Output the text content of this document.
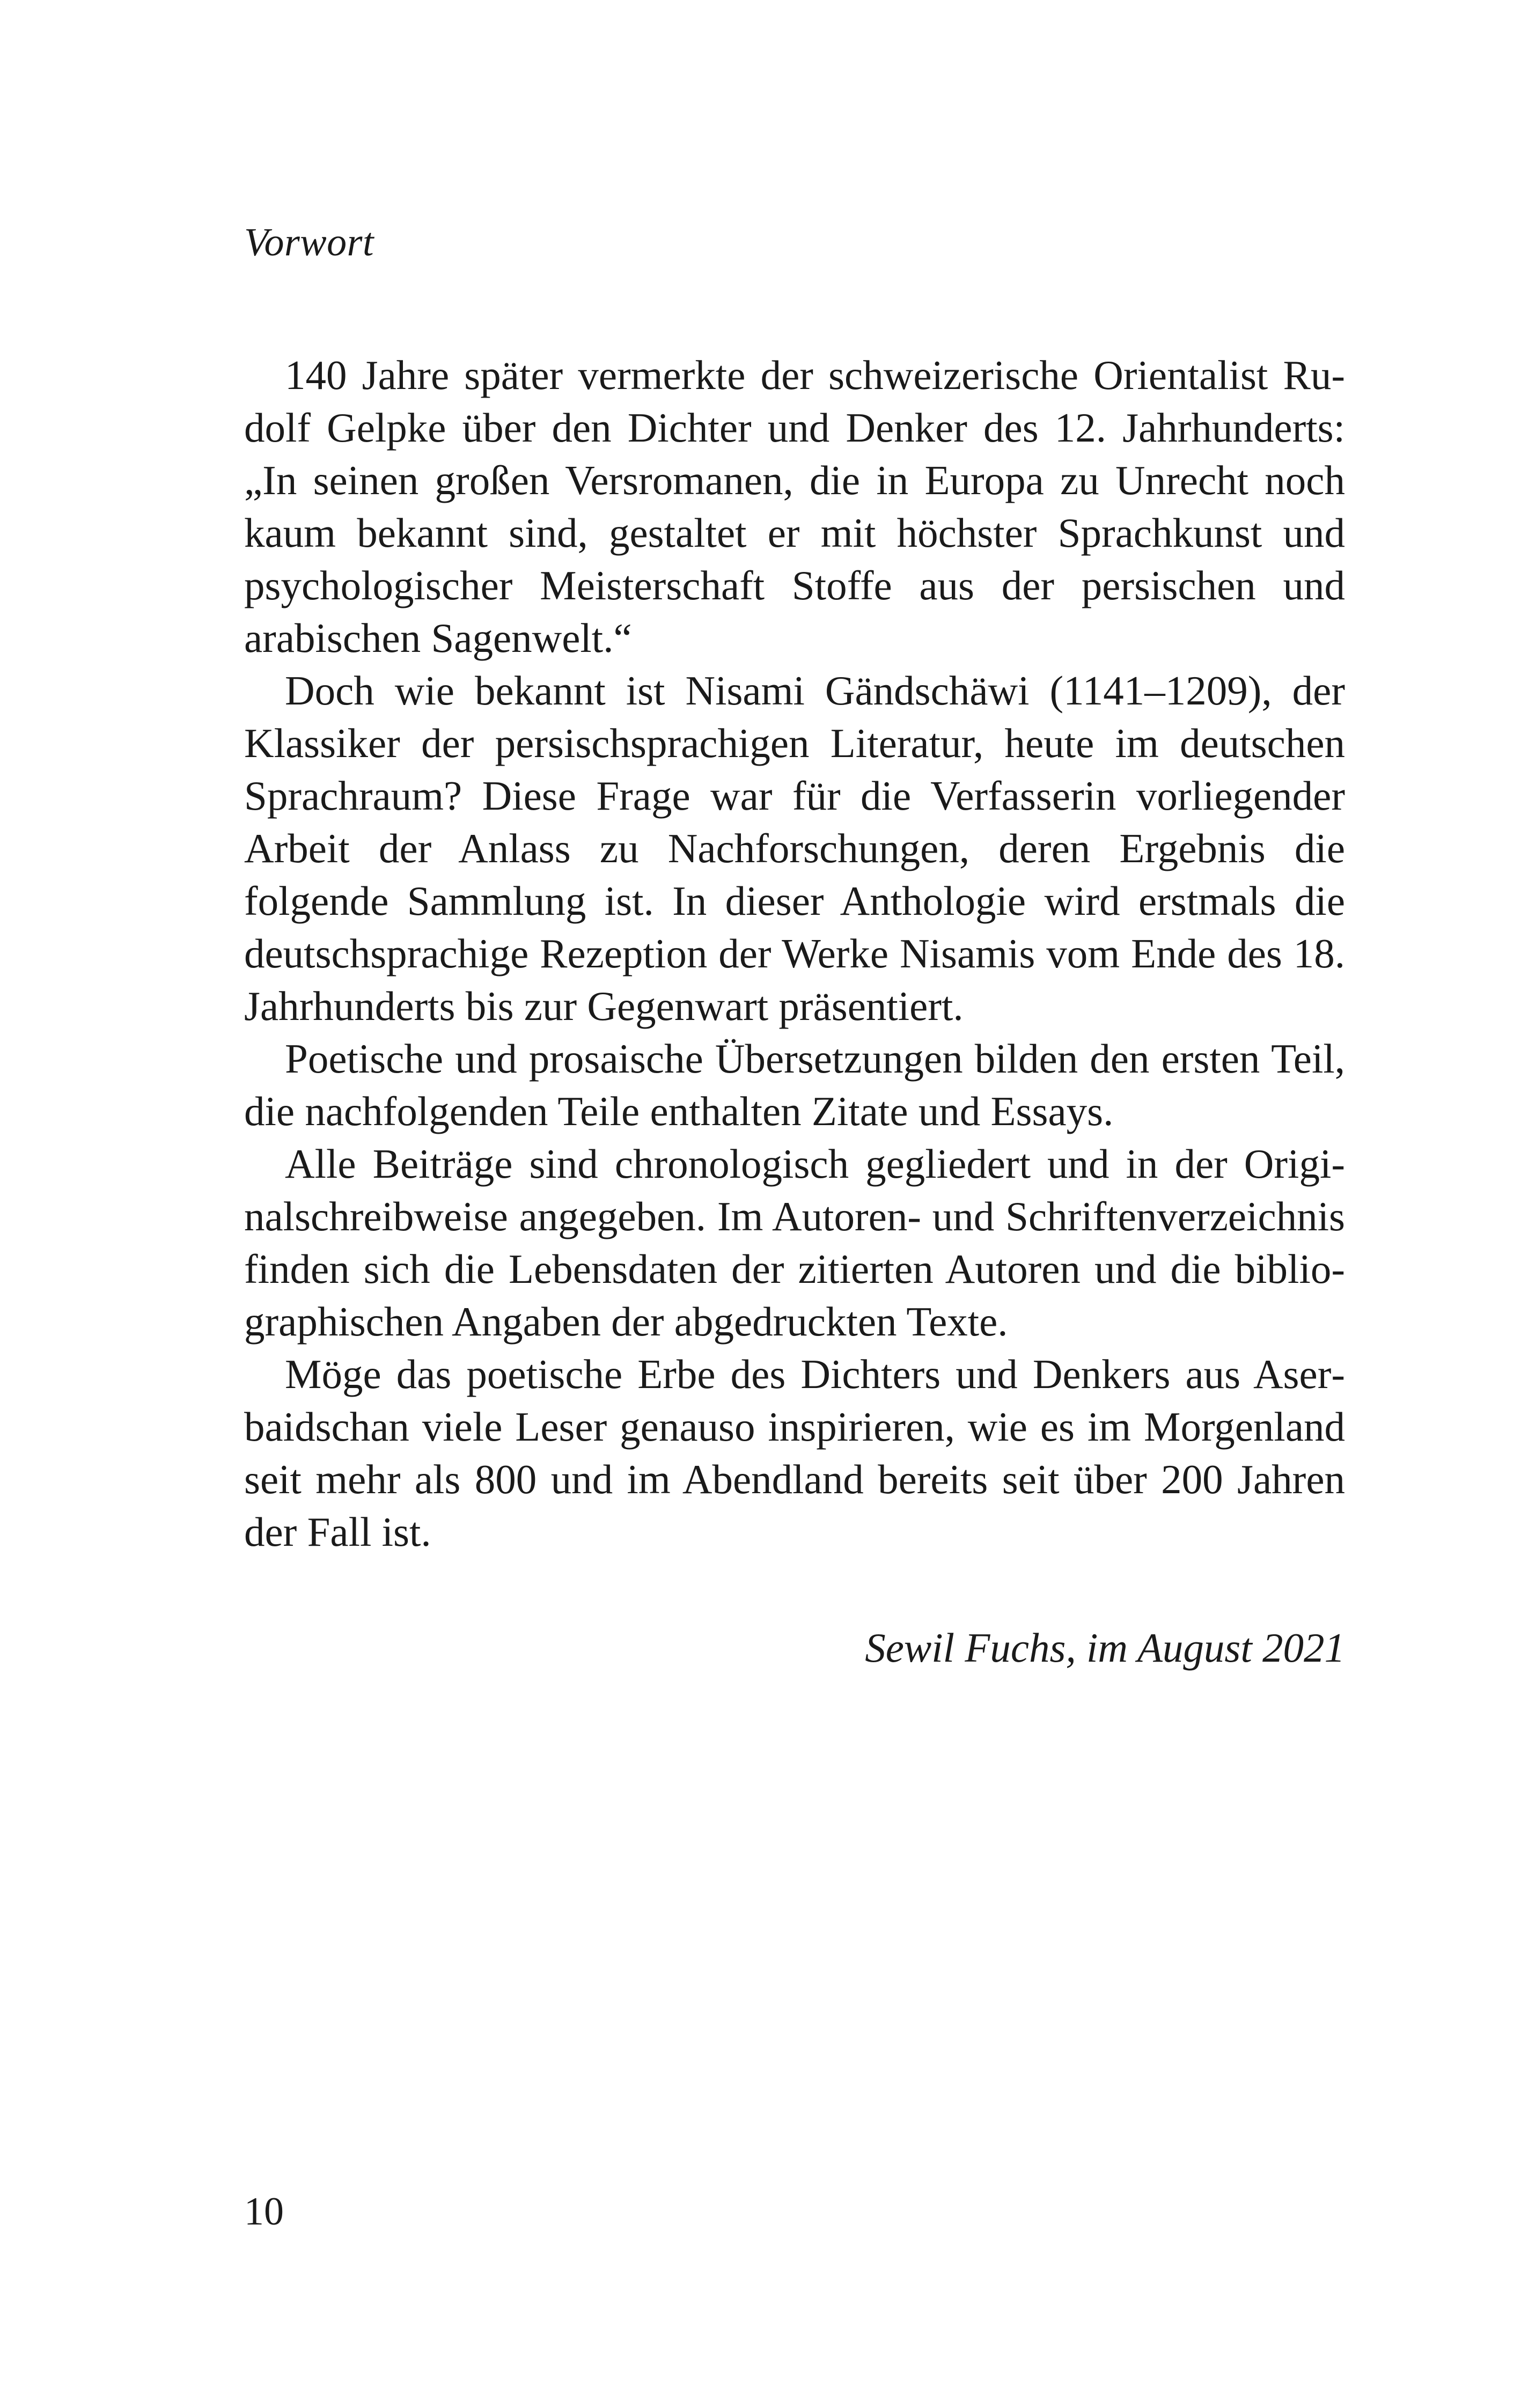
Vorwort

140 Jahre später vermerkte der schweizerische Orientalist Rudolf Gelpke über den Dichter und Denker des 12. Jahrhunderts: „In seinen großen Versromanen, die in Europa zu Unrecht noch kaum bekannt sind, gestaltet er mit höchster Sprachkunst und psychologischer Meisterschaft Stoffe aus der persischen und arabischen Sagenwelt.“

Doch wie bekannt ist Nisami Gändschäwi (1141–1209), der Klassiker der persischsprachigen Literatur, heute im deutschen Sprachraum? Diese Frage war für die Verfasserin vorliegender Arbeit der Anlass zu Nachforschungen, deren Ergebnis die folgende Sammlung ist. In dieser Anthologie wird erstmals die deutschsprachige Rezeption der Werke Nisamis vom Ende des 18. Jahrhunderts bis zur Gegenwart präsentiert.

Poetische und prosaische Übersetzungen bilden den ersten Teil, die nachfolgenden Teile enthalten Zitate und Essays.

Alle Beiträge sind chronologisch gegliedert und in der Originalschreibweise angegeben. Im Autoren- und Schriftenverzeichnis finden sich die Lebensdaten der zitierten Autoren und die bibliographischen Angaben der abgedruckten Texte.

Möge das poetische Erbe des Dichters und Denkers aus Aserbaidschan viele Leser genauso inspirieren, wie es im Morgenland seit mehr als 800 und im Abendland bereits seit über 200 Jahren der Fall ist.

Sewil Fuchs, im August 2021
10
